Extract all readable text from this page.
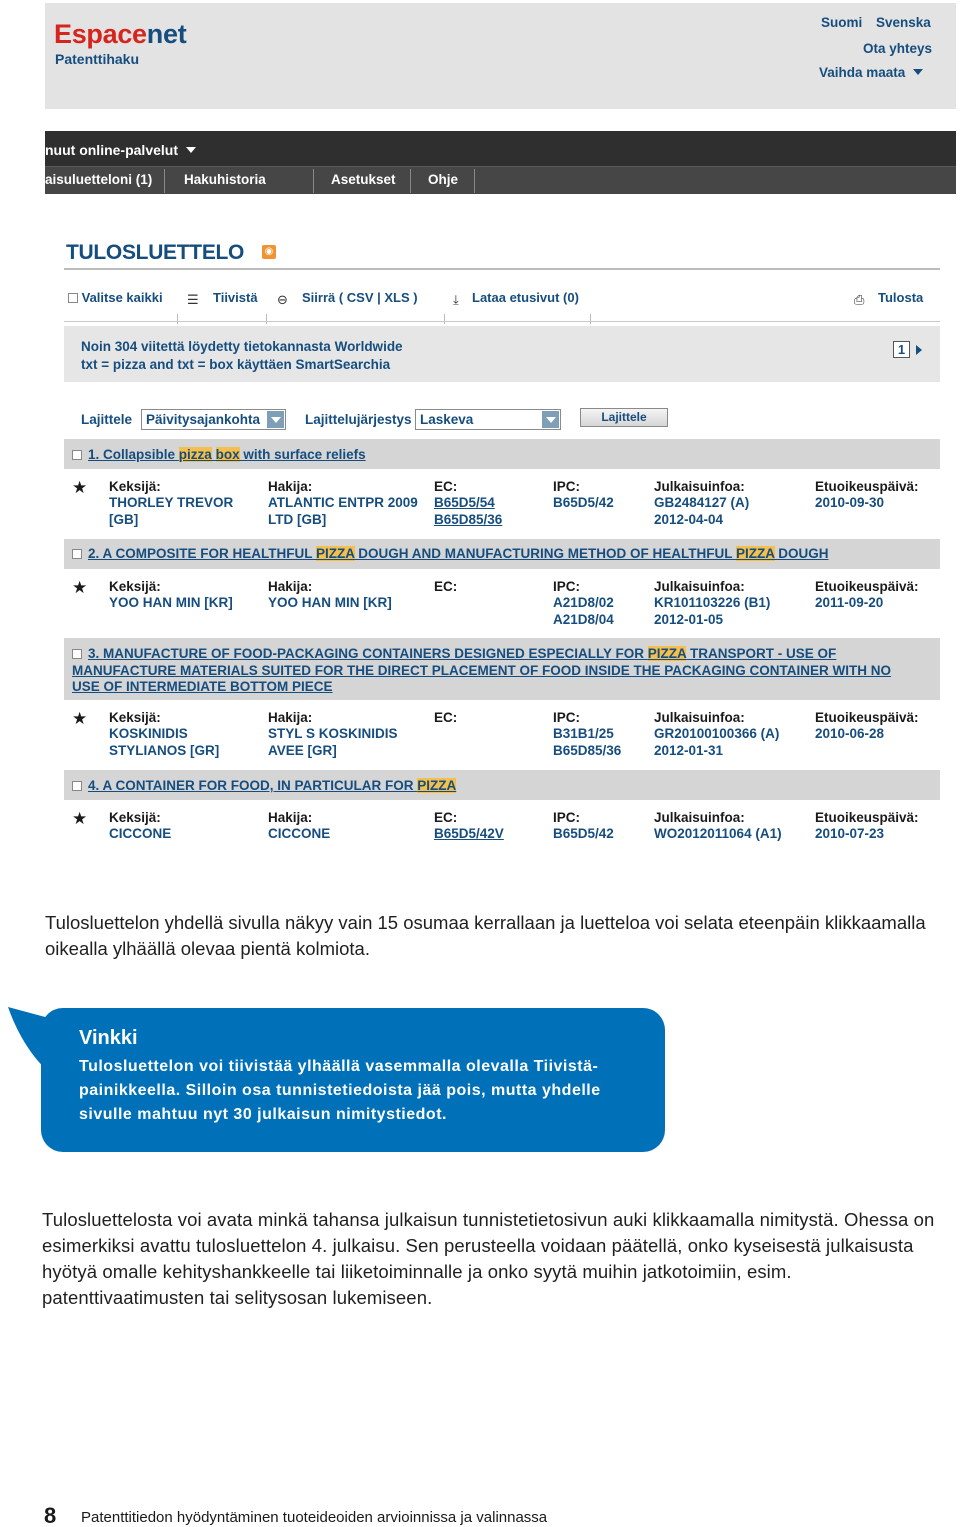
Espacenet
Patenttihaku
Suomi Svenska
Ota yhteys
Vaihda maata
nuut online-palvelut
aisuluetteloni (1) Hakuhistoria	Asetukset Ohje
TULOSLUETTELO ◉
Valitse kaikki ☰ Tiivistä ⊖ Siirrä ( CSV | XLS )	⤓ Lataa etusivut (0)	⎙ Tulosta
Noin 304 viitettä löydetty tietokannasta Worldwide
txt = pizza and txt = box käyttäen SmartSearchia
1
Lajittele	Päivitysajankohta	Lajittelujärjestys Laskeva	Lajittele
1. Collapsible pizza box with surface reliefs
★ Keksijä:
THORLEY TREVOR
[GB]
Hakija:
ATLANTIC ENTPR 2009
LTD [GB]
EC:
B65D5/54
B65D85/36
IPC:
B65D5/42
Julkaisuinfoa:
GB2484127 (A)
2012-04-04
Etuoikeuspäivä:
2010-09-30
2. A COMPOSITE FOR HEALTHFUL PIZZA DOUGH AND MANUFACTURING METHOD OF HEALTHFUL PIZZA DOUGH
★ Keksijä:
YOO HAN MIN [KR]
Hakija:
YOO HAN MIN [KR]
EC:	IPC:
A21D8/02
A21D8/04
Julkaisuinfoa:
KR101103226 (B1)
2012-01-05
Etuoikeuspäivä:
2011-09-20
3. MANUFACTURE OF FOOD-PACKAGING CONTAINERS DESIGNED ESPECIALLY FOR PIZZA TRANSPORT - USE OF MANUFACTURE MATERIALS SUITED FOR THE DIRECT PLACEMENT OF FOOD INSIDE THE PACKAGING CONTAINER WITH NO USE OF INTERMEDIATE BOTTOM PIECE
★ Keksijä:
KOSKINIDIS
STYLIANOS [GR]
Hakija:
STYL S KOSKINIDIS
AVEE [GR]
EC:	IPC:
B31B1/25
B65D85/36
Julkaisuinfoa:
GR20100100366 (A)
2012-01-31
Etuoikeuspäivä:
2010-06-28
4. A CONTAINER FOR FOOD, IN PARTICULAR FOR PIZZA
★ Keksijä:
CICCONE
Hakija:
CICCONE
EC:
B65D5/42V
IPC:
B65D5/42
Julkaisuinfoa:
WO2012011064 (A1)
Etuoikeuspäivä:
2010-07-23

Tulosluettelon yhdellä sivulla näkyy vain 15 osumaa kerrallaan ja luetteloa voi selata eteenpäin klikkaamalla oikealla ylhäällä olevaa pientä kolmiota.

Vinkki
Tulosluettelon voi tiivistää ylhäällä vasemmalla olevalla Tiivistä-painikkeella. Silloin osa tunnistetiedoista jää pois, mutta yhdelle sivulle mahtuu nyt 30 julkaisun nimitystiedot.

Tulosluettelosta voi avata minkä tahansa julkaisun tunnistetietosivun auki klikkaamalla nimitystä. Ohessa on esimerkiksi avattu tulosluettelon 4. julkaisu. Sen perusteella voidaan päätellä, onko kyseisestä julkaisusta hyötyä omalle kehityshankkeelle tai liiketoiminnalle ja onko syytä muihin jatkotoimiin, esim. patenttivaatimusten tai selitysosan lukemiseen.

8 Patenttitiedon hyödyntäminen tuoteideoiden arvioinnissa ja valinnassa
